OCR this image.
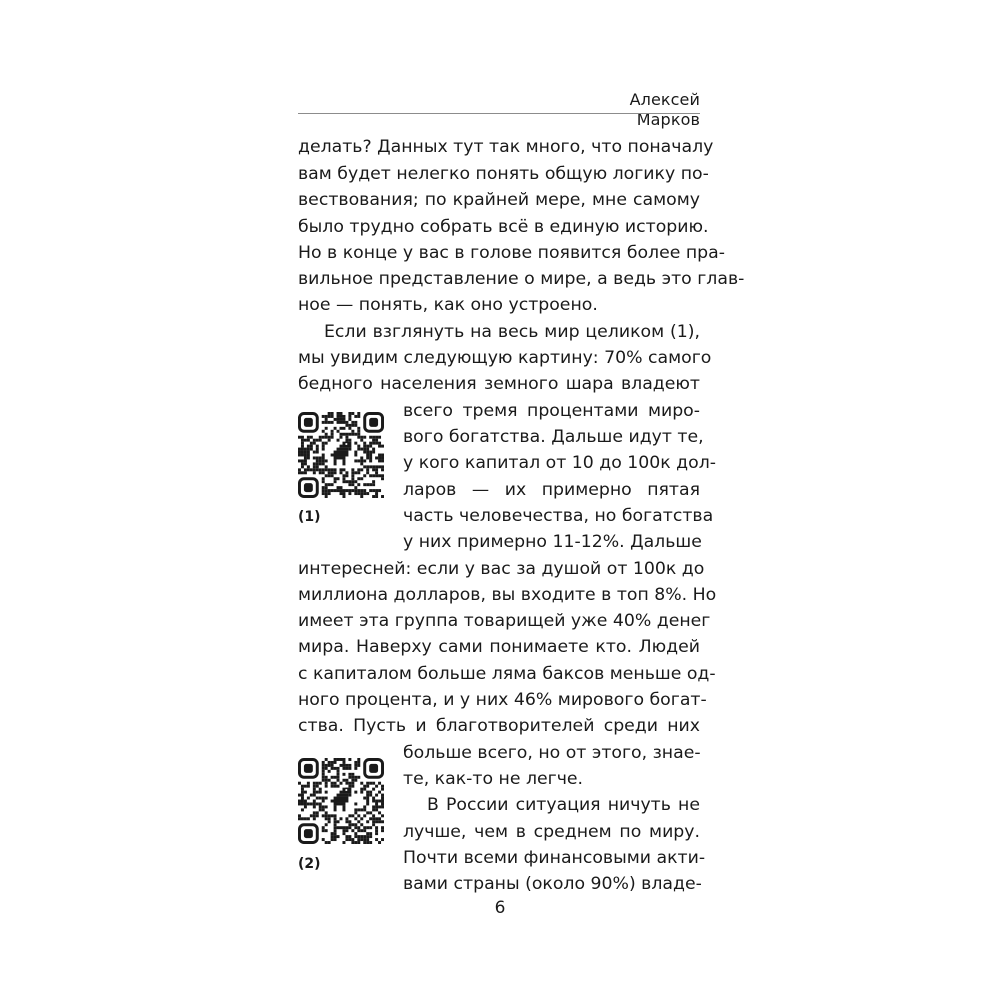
Алексей Марков
делать? Данных тут так много, что поначалу
вам будет нелегко понять общую логику по-
вествования; по крайней мере, мне самому
было трудно собрать всё в единую историю.
Но в конце у вас в голове появится более пра-
вильное представление о мире, а ведь это глав-
ное — понять, как оно устроено.
Если взглянуть на весь мир целиком (1),
мы увидим следующую картину: 70% самого
бедного населения земного шара владеют
всего тремя процентами миро-
вого богатства. Дальше идут те,
у кого капитал от 10 до 100к дол-
ларов — их примерно пятая
часть человечества, но богатства
у них примерно 11-12%. Дальше
интересней: если у вас за душой от 100к до
миллиона долларов, вы входите в топ 8%. Но
имеет эта группа товарищей уже 40% денег
мира. Наверху сами понимаете кто. Людей
с капиталом больше ляма баксов меньше од-
ного процента, и у них 46% мирового богат-
ства. Пусть и благотворителей среди них
больше всего, но от этого, знае-
те, как-то не легче.
В России ситуация ничуть не
лучше, чем в среднем по миру.
Почти всеми финансовыми акти-
вами страны (около 90%) владе-
(1)
(2)
6
